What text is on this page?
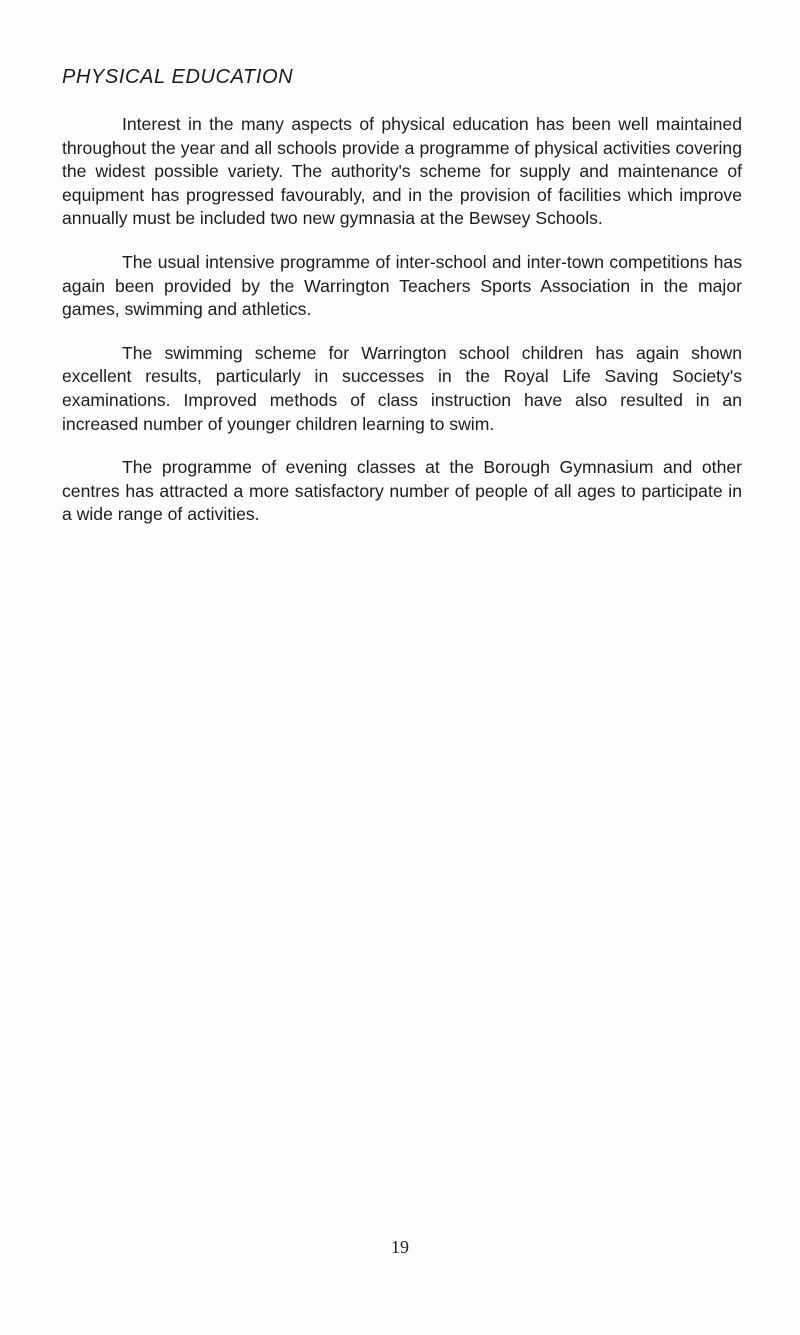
PHYSICAL EDUCATION

Interest in the many aspects of physical education has been well maintained throughout the year and all schools provide a programme of physical activities covering the widest possible variety. The authority's scheme for supply and maintenance of equipment has progressed favourably, and in the provision of facilities which improve annually must be included two new gymnasia at the Bewsey Schools.

The usual intensive programme of inter-school and inter-town competitions has again been provided by the Warrington Teachers Sports Association in the major games, swimming and athletics.

The swimming scheme for Warrington school children has again shown excellent results, particularly in successes in the Royal Life Saving Society's examinations. Improved methods of class instruction have also resulted in an increased number of younger children learning to swim.

The programme of evening classes at the Borough Gymnasium and other centres has attracted a more satisfactory number of people of all ages to participate in a wide range of activities.

19
